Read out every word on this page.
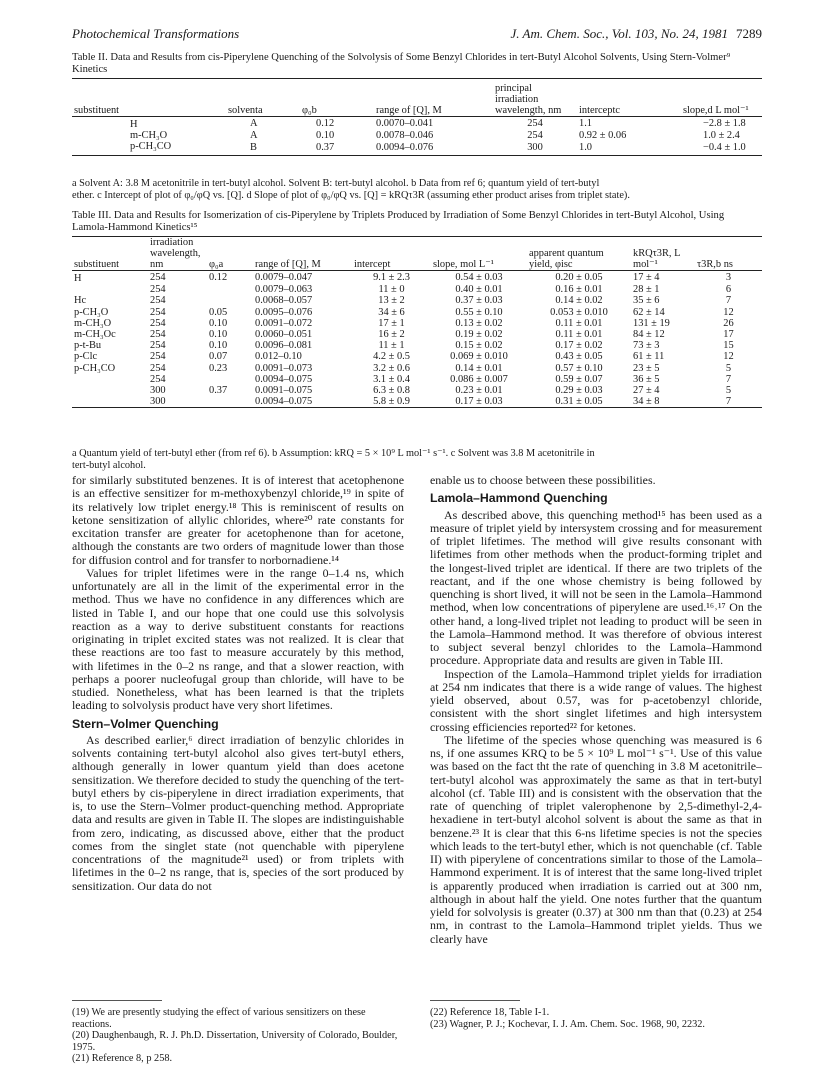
Photochemical Transformations	J. Am. Chem. Soc., Vol. 103, No. 24, 1981 7289
Table II. Data and Results from cis-Piperylene Quenching of the Solvolysis of Some Benzyl Chlorides in tert-Butyl Alcohol Solvents, Using Stern-Volmer⁹ Kinetics
substituent	solventa	φ₀b	range of [Q], M	principal irradiation wavelength, nm	interceptc	slope,d L mol⁻¹
H	A	0.12	0.0070–0.041	254	1.1	−2.8 ± 1.8
m-CH₃O	A	0.10	0.0078–0.046	254	0.92 ± 0.06	1.0 ± 2.4
p-CH₃CO	B	0.37	0.0094–0.076	300	1.0	−0.4 ± 1.0
a Solvent A: 3.8 M acetonitrile in tert-butyl alcohol. Solvent B: tert-butyl alcohol. b Data from ref 6; quantum yield of tert-butyl
ether. c Intercept of plot of φ₀/φQ vs. [Q]. d Slope of plot of φ₀/φQ vs. [Q] = kRQτ3R (assuming ether product arises from triplet state).
Table III. Data and Results for Isomerization of cis-Piperylene by Triplets Produced by Irradiation of Some Benzyl Chlorides in tert-Butyl Alcohol, Using Lamola-Hammond Kinetics¹⁵
substituent	irradiation wavelength, nm	φ₀a	range of [Q], M	intercept	slope, mol L⁻¹	apparent quantum yield, φisc	kRQτ3R, L mol⁻¹	τ3R,b ns
H	254	0.12	0.0079–0.047	9.1 ± 2.3	0.54 ± 0.03	0.20 ± 0.05	17 ± 4	3
	254		0.0079–0.063	11 ± 0	0.40 ± 0.01	0.16 ± 0.01	28 ± 1	6
Hc	254		0.0068–0.057	13 ± 2	0.37 ± 0.03	0.14 ± 0.02	35 ± 6	7
p-CH₃O	254	0.05	0.0095–0.076	34 ± 6	0.55 ± 0.10	0.053 ± 0.010	62 ± 14	12
m-CH₃O	254	0.10	0.0091–0.072	17 ± 1	0.13 ± 0.02	0.11 ± 0.01	131 ± 19	26
m-CH₃Oc	254	0.10	0.0060–0.051	16 ± 2	0.19 ± 0.02	0.11 ± 0.01	84 ± 12	17
p-t-Bu	254	0.10	0.0096–0.081	11 ± 1	0.15 ± 0.02	0.17 ± 0.02	73 ± 3	15
p-Clc	254	0.07	0.012–0.10	4.2 ± 0.5	0.069 ± 0.010	0.43 ± 0.05	61 ± 11	12
p-CH₃CO	254	0.23	0.0091–0.073	3.2 ± 0.6	0.14 ± 0.01	0.57 ± 0.10	23 ± 5	5
	254		0.0094–0.075	3.1 ± 0.4	0.086 ± 0.007	0.59 ± 0.07	36 ± 5	7
	300	0.37	0.0091–0.075	6.3 ± 0.8	0.23 ± 0.01	0.29 ± 0.03	27 ± 4	5
	300		0.0094–0.075	5.8 ± 0.9	0.17 ± 0.03	0.31 ± 0.05	34 ± 8	7
a Quantum yield of tert-butyl ether (from ref 6). b Assumption: kRQ = 5 × 10⁹ L mol⁻¹ s⁻¹. c Solvent was 3.8 M acetonitrile in
tert-butyl alcohol.

for similarly substituted benzenes. It is of interest that acetophenone is an effective sensitizer for m-methoxybenzyl chloride,¹⁹ in spite of its relatively low triplet energy.¹⁸ This is reminiscent of results on ketone sensitization of allylic chlorides, where²⁰ rate constants for excitation transfer are greater for acetophenone than for acetone, although the constants are two orders of magnitude lower than those for diffusion control and for transfer to norbornadiene.¹⁴

Values for triplet lifetimes were in the range 0–1.4 ns, which unfortunately are all in the limit of the experimental error in the method. Thus we have no confidence in any differences which are listed in Table I, and our hope that one could use this solvolysis reaction as a way to derive substituent constants for reactions originating in triplet excited states was not realized. It is clear that these reactions are too fast to measure accurately by this method, with lifetimes in the 0–2 ns range, and that a slower reaction, with perhaps a poorer nucleofugal group than chloride, will have to be studied. Nonetheless, what has been learned is that the triplets leading to solvolysis product have very short lifetimes.

Stern–Volmer Quenching

As described earlier,⁶ direct irradiation of benzylic chlorides in solvents containing tert-butyl alcohol also gives tert-butyl ethers, although generally in lower quantum yield than does acetone sensitization. We therefore decided to study the quenching of the tert-butyl ethers by cis-piperylene in direct irradiation experiments, that is, to use the Stern–Volmer product-quenching method. Appropriate data and results are given in Table II. The slopes are indistinguishable from zero, indicating, as discussed above, either that the product comes from the singlet state (not quenchable with piperylene concentrations of the magnitude²¹ used) or from triplets with lifetimes in the 0–2 ns range, that is, species of the sort produced by sensitization. Our data do not

enable us to choose between these possibilities.

Lamola–Hammond Quenching

As described above, this quenching method¹⁵ has been used as a measure of triplet yield by intersystem crossing and for measurement of triplet lifetimes. The method will give results consonant with lifetimes from other methods when the product-forming triplet and the longest-lived triplet are identical. If there are two triplets of the reactant, and if the one whose chemistry is being followed by quenching is short lived, it will not be seen in the Lamola–Hammond method, when low concentrations of piperylene are used.¹⁶˒¹⁷ On the other hand, a long-lived triplet not leading to product will be seen in the Lamola–Hammond method. It was therefore of obvious interest to subject several benzyl chlorides to the Lamola–Hammond procedure. Appropriate data and results are given in Table III.

Inspection of the Lamola–Hammond triplet yields for irradiation at 254 nm indicates that there is a wide range of values. The highest yield observed, about 0.57, was for p-acetobenzyl chloride, consistent with the short singlet lifetimes and high intersystem crossing efficiencies reported²² for ketones.

The lifetime of the species whose quenching was measured is 6 ns, if one assumes KRQ to be 5 × 10⁹ L mol⁻¹ s⁻¹. Use of this value was based on the fact tht the rate of quenching in 3.8 M acetonitrile–tert-butyl alcohol was approximately the same as that in tert-butyl alcohol (cf. Table III) and is consistent with the observation that the rate of quenching of triplet valerophenone by 2,5-dimethyl-2,4-hexadiene in tert-butyl alcohol solvent is about the same as that in benzene.²³ It is clear that this 6-ns lifetime species is not the species which leads to the tert-butyl ether, which is not quenchable (cf. Table II) with piperylene of concentrations similar to those of the Lamola–Hammond experiment. It is of interest that the same long-lived triplet is apparently produced when irradiation is carried out at 300 nm, although in about half the yield. One notes further that the quantum yield for solvolysis is greater (0.37) at 300 nm than that (0.23) at 254 nm, in contrast to the Lamola–Hammond triplet yields. Thus we clearly have

(19) We are presently studying the effect of various sensitizers on these reactions.
(20) Daughenbaugh, R. J. Ph.D. Dissertation, University of Colorado, Boulder, 1975.
(21) Reference 8, p 258.
(22) Reference 18, Table I-1.
(23) Wagner, P. J.; Kochevar, I. J. Am. Chem. Soc. 1968, 90, 2232.
